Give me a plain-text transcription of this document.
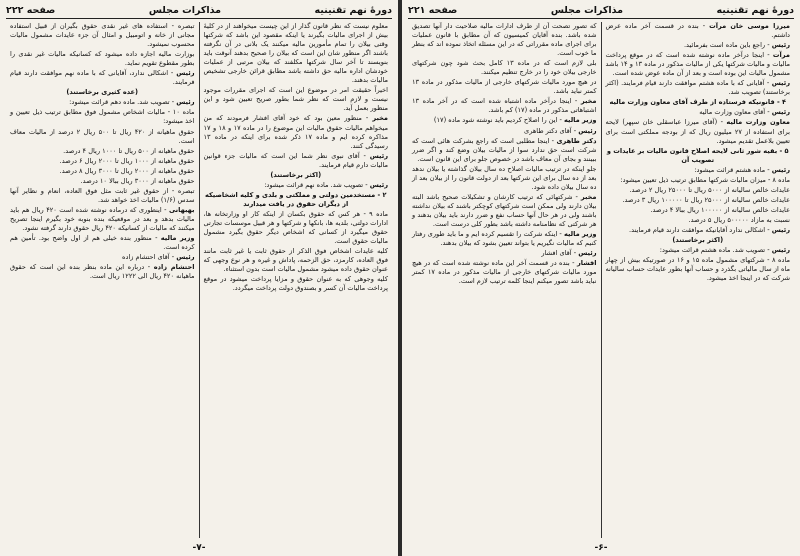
دورهٔ نهم تقنینیه
مذاکرات مجلس
صفحه ۲۲۲

معلوم نیست که نظر قانون گذار از این چیست میخواهند از در کلیهٔ بیش از اجرای مالیات بگیرند یا اینکه مقصود این باشد که شرکتها وقتی بیلان را تمام مأمورین مالیه میکنند یک بلانی در آن نگرفته باشند اگر منظور شان این است که بیلان را صحیح بدهند آنوقت باید بنویسند تا آخر سال شرکتها مکلفند که بیلان مرتبی از عملیات خودشان اداره مالیه حق داشته باشد مطابق قرائن خارجی تشخیص مالیات بدهند.

اخیراً حقیقت امر در موضوع این است که اجرای مقررات موجود نیست و لازم است که نظر شما بطور صریح تعیین شود و این منظور بعمل آید.

مخبر - منظور معین بود که خود آقای افشار فرمودند که من میخواهم مالیات حقوق مالیات این موضوع را در ماده ۱۷ و ۱۸ و ۱۷ مذاکره کرده ایم و ماده ۱۷ ذکر شده برای اینکه در ماده ۱۳ رسیدگی کنند.

رئیس - آقای نبوی نظر شما این است که مالیات جزء قوانین مالیات دارم قیام فرمایند.

(اکثر برخاستند)

رئیس - تصویب شد. ماده نهم قرائت میشود:

۲ - مستخدمین دولتی و مملکتی و بلدی و کلیه اشخاصیکه از دیگران حقوق در یافت میدارند

ماده ۹ - هر کس که حقوق بکسان از اینکه کار او وزارتخانه ها، ادارات دولتی، بلدیه ها، بانکها و شرکتها و هر قبیل موسسات تجارتی حقوق میگیرد از کسانی که اشخاص دیگر حقوق بگیرد مشمول مالیات حقوق است.

کلیه عایدات اشخاص فوق الذکر از حقوق ثابت یا غیر ثابت مانند فوق العاده، کارمزد، حق الزحمه، پاداش و غیره و هر نوع وجهی که عنوان حقوق داده میشود مشمول مالیات است بدون استثناء.

کلیه وجوهی که به عنوان حقوق و مزایا پرداخت میشود در موقع پرداخت مالیات آن کسر و بصندوق دولت پرداخت میگردد.

تبصره - استفاده های غیر نقدی حقوق بگیران از قبیل استفاده مجانی از خانه و اتومبیل و امثال آن جزء عایدات مشمول مالیات محسوب نمیشود.

بوزارت مالیه اجازه داده میشود که کسانیکه مالیات غیر نقدی را بطور مقطوع تقویم نماید.

رئیس - اشکالی ندارد، آقایانی که با ماده نهم موافقت دارند قیام فرمایند.

(عده کثیری برخاستند)

رئیس - تصویب شد. ماده دهم قرائت میشود:

ماده ۱۰ - مالیات اشخاص مشمول فوق مطابق ترتیب ذیل تعیین و اخذ میشود:

حقوق ماهیانه از ۴۲۰ ریال تا ۵۰۰ ریال ۲ درصد از مالیات معاف است.

حقوق ماهیانه از ۵۰۰ ریال تا ۱۰۰۰ ریال ۴ درصد.

حقوق ماهیانه از ۱۰۰۰ ریال تا ۲۰۰۰ ریال ۶ درصد.

حقوق ماهیانه از ۲۰۰۰ ریال تا ۳۰۰۰ ریال ۸ درصد.

حقوق ماهیانه از ۳۰۰۰ ریال ببالا ۱۰ درصد.

تبصره - از حقوق غیر ثابت مثل فوق العاده، انعام و نظایر آنها سدس (۱/۶) مالیات اخذ خواهد شد.

بهبهانی - اینطوری که درماده نوشته شده است ۴۲۰ ریال هم باید مالیات بدهد و بعد در موقعیکه بنده بنوبه خود بگیرم اینجا تصریح میکنند که مالیات از کسانیکه ۴۲۰ ریال حقوق دارند گرفته نشود.

وزیر مالیه - منظور بنده خیلی هم از اول واضح بود. تأمین هم کرده است.

رئیس - آقای احتشام زاده

احتشام زاده - درباره این ماده بنظر بنده این است که حقوق ماهیانه ۴۲۰ ریال الی ۱۲۲۲ ریال است.

-۷-
دورهٔ نهم تقنینیه
مذاکرات مجلس
صفحه ۲۲۱

میرزا موسی خان مرآت - بنده در قسمت آخر ماده عرض داشتم.

رئیس - راجع باین ماده است بفرمائید.

مرآت - اینجا درآخر ماده نوشته شده است که در موقع پرداخت مالیات و مالیات شرکتها یکی از مالیات مذکور در ماده ۱۳ و ۱۴ باشد مشمول مالیات این بوده است و بعد از آن ماده عوض شده است.

رئیس - آقایانی که با ماده هشتم موافقت دارند قیام فرمایند. (اکثر برخاستند) تصویب شد.

۴ - قانونیکه فرستاده از طرف آقای معاون وزارت مالیه

رئیس - آقای معاون وزارت مالیه

معاون وزارت مالیه - (آقای میرزا عباسقلی خان سپهر) لایحه برای استفاده از ۲۷ میلیون ریال که از بودجه مملکتی است برای تعیین بلاعمل تقدیم میشود.

۵ - بقیه شور ثانی لایحه اصلاح قانون مالیات بر عایدات و تصویب آن

رئیس - ماده هشتم قرائت میشود:

ماده ۸ - میزان مالیات شرکتها مطابق ترتیب ذیل تعیین میشود:

عایدات خالص سالیانه از ۵۰۰۰ ریال تا ۲۵۰۰۰ ریال ۲ درصد.

عایدات خالص سالیانه از ۲۵۰۰۰ ریال تا ۱۰۰۰۰۰ ریال ۳ درصد.

عایدات خالص سالیانه از ۱۰۰۰۰۰ ریال ببالا ۴ درصد.

نسبت به مازاد ۵۰۰۰۰۰ ریال ۵ درصد.

رئیس - اشکالی ندارد آقایانیکه موافقت دارند قیام فرمایند.

(اکثر برخاستند)

رئیس - تصویب شد. ماده هشتم قرائت میشود:

ماده ۸ - شرکتهای مشمول ماده ۱۵ و ۱۶ در صورتیکه بیش از چهار ماه از سال مالیاتی بگذرد و حساب آنها بطور عایدات حساب سالیانه شرکت که در اینجا اخذ میشود.

که تصور تصحت آن از طرف ادارات مالیه صلاحیت دار آنها تصدیق شده باشد. بنده آقایان کمیسیون که آن مطابق با قانون عملیات برای اجرای ماده مقرراتی که در این مسئله اتخاذ نموده اند که بنظر ما خوب است.

بلی لازم است که در ماده ۱۳ کامل بحث شود چون شرکتهای خارجی بیلان خود را در خارج تنظیم میکنند.

در هیچ مورد مالیات شرکتهای خارجی از مالیات مذکور در ماده ۱۳ کمتر نباید باشد.

مخبر - اینجا درآخر ماده اشتباه شده است که در آخر ماده ۱۳ اشتباهاتی مذکور در ماده (۱۷) کم باشد.

وزیر مالیه - این را اصلاح کردیم باید نوشته شود ماده (۱۷)

رئیس - آقای دکتر طاهری

دکتر طاهری - اینجا مطلبی است که راجع بشرکت هائی است که شرکت است حق ندارد سوا از مالیات بیلان وضع کند و اگر ضرر ببینند و بجای آن معاف باشد در خصوص جلو برای این قانون است.

جلو اینکه در ترتیب مالیات اصلاح ده سال بیلان گذاشته یا بیلان ندهد بعد از ده سال برای این شرکتها بعد از دولت قانون را از بیلان بعد از ده سال بیلان داده شود.

مخبر - شرکتهائی که ترتیب کارشان و تشکیلات صحیح باشد البته بیلان دارند ولی ممکن است شرکتهای کوچکتر باشند که بیلان نداشته باشند ولی در هر حال آنها حساب نفع و ضرر دارند باید بیلان بدهند و هر شرکتی که نظامنامه داشته باشد بطور کلی درست است.

وزیر مالیه - اینکه شرکت را تقسیم کرده ایم و ما باید طوری رفتار کنیم که مالیات نگیریم یا بتواند تعیین بشود که بیلان بدهند.

رئیس - آقای افشار

افشار - بنده در قسمت آخر این ماده نوشته شده است که در هیچ مورد مالیات شرکتهای خارجی از مالیات مذکور در ماده ۱۷ کمتر نباید باشد تصور میکنم اینجا کلمه ترتیب لازم است.

-۶-
